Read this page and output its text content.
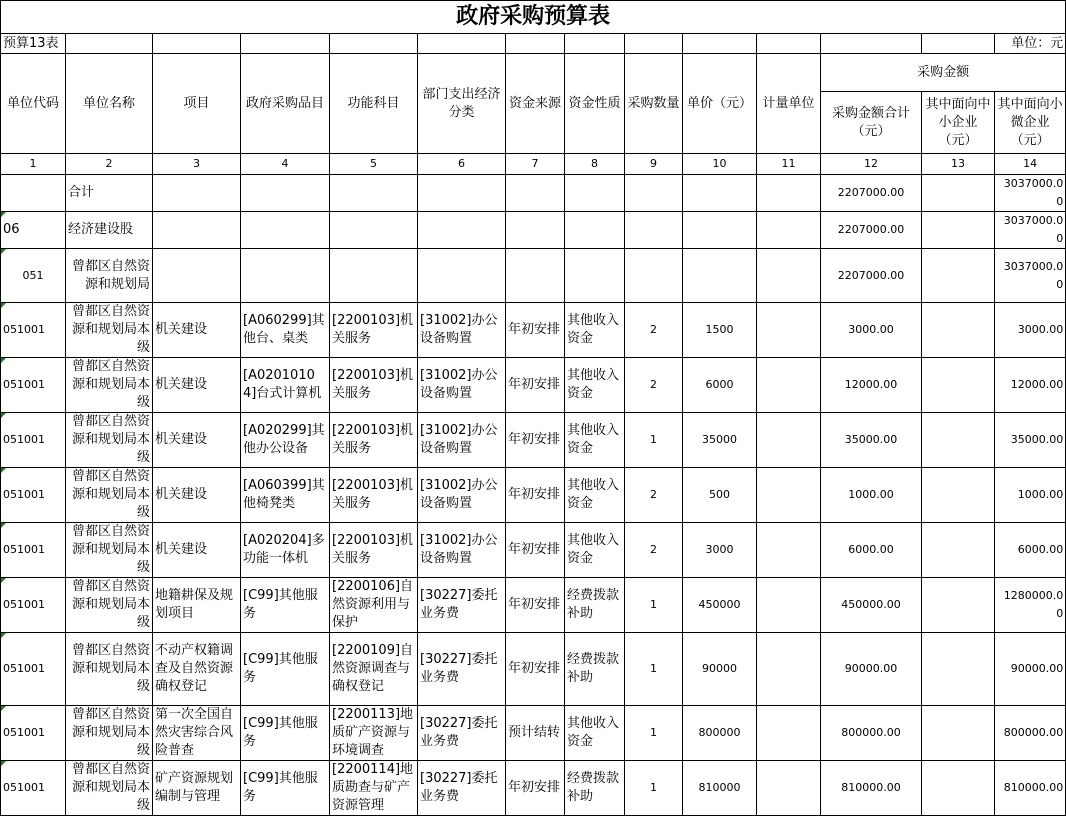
政府采购预算表													
预算13表													单位：元
单位代码	单位名称	项目	政府采购品目	功能科目	部门支出经济分类	资金来源	资金性质	采购数量	单价（元）	计量单位	采购金额		
											采购金额合计（元）	其中面向中小企业（元）	其中面向小微企业（元）
1	2	3	4	5	6	7	8	9	10	11	12	13	14
	合计										2207000.00		3037000.00
06	经济建设股										2207000.00		3037000.00
051	曾都区自然资源和规划局										2207000.00		3037000.00
051001	曾都区自然资源和规划局本级	机关建设	[A060299]其他台、桌类	[2200103]机关服务	[31002]办公设备购置	年初安排	其他收入资金	2	1500		3000.00		3000.00
051001	曾都区自然资源和规划局本级	机关建设	[A02010104]台式计算机	[2200103]机关服务	[31002]办公设备购置	年初安排	其他收入资金	2	6000		12000.00		12000.00
051001	曾都区自然资源和规划局本级	机关建设	[A020299]其他办公设备	[2200103]机关服务	[31002]办公设备购置	年初安排	其他收入资金	1	35000		35000.00		35000.00
051001	曾都区自然资源和规划局本级	机关建设	[A060399]其他椅凳类	[2200103]机关服务	[31002]办公设备购置	年初安排	其他收入资金	2	500		1000.00		1000.00
051001	曾都区自然资源和规划局本级	机关建设	[A020204]多功能一体机	[2200103]机关服务	[31002]办公设备购置	年初安排	其他收入资金	2	3000		6000.00		6000.00
051001	曾都区自然资源和规划局本级	地籍耕保及规划项目	[C99]其他服务	[2200106]自然资源利用与保护	[30227]委托业务费	年初安排	经费拨款补助	1	450000		450000.00		1280000.00
051001	曾都区自然资源和规划局本级	不动产权籍调查及自然资源确权登记	[C99]其他服务	[2200109]自然资源调查与确权登记	[30227]委托业务费	年初安排	经费拨款补助	1	90000		90000.00		90000.00
051001	曾都区自然资源和规划局本级	第一次全国自然灾害综合风险普查	[C99]其他服务	[2200113]地质矿产资源与环境调查	[30227]委托业务费	预计结转	其他收入资金	1	800000		800000.00		800000.00
051001	曾都区自然资源和规划局本级	矿产资源规划编制与管理	[C99]其他服务	[2200114]地质勘查与矿产资源管理	[30227]委托业务费	年初安排	经费拨款补助	1	810000		810000.00		810000.00
